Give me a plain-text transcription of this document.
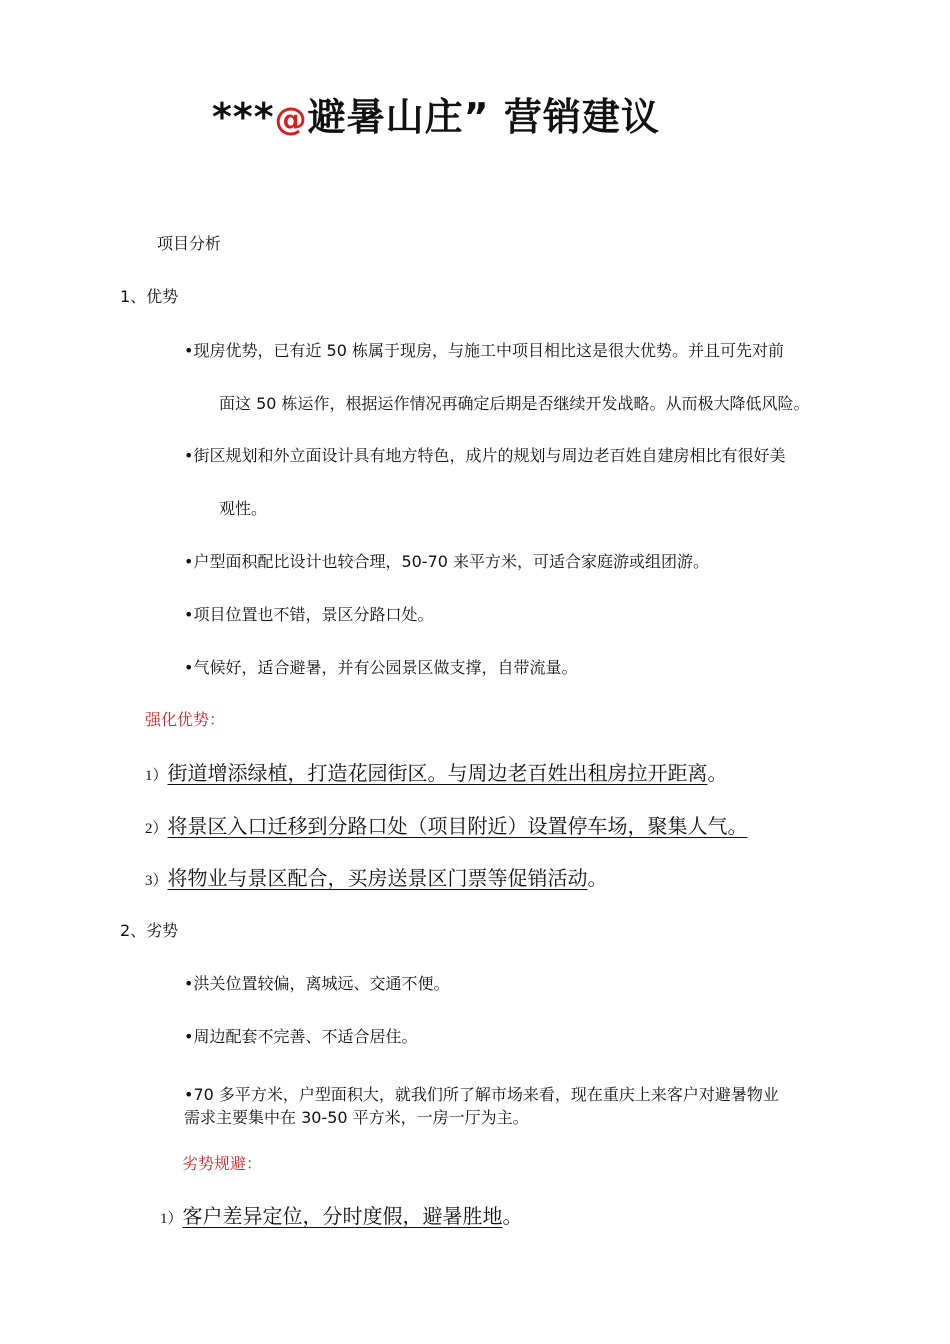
***@避暑山庄” 营销建议
项目分析
1、优势
•现房优势，已有近 50 栋属于现房，与施工中项目相比这是很大优势。并且可先对前
面这 50 栋运作，根据运作情况再确定后期是否继续开发战略。从而极大降低风险。
•街区规划和外立面设计具有地方特色，成片的规划与周边老百姓自建房相比有很好美
观性。
•户型面积配比设计也较合理，50-70 来平方米，可适合家庭游或组团游。
•项目位置也不错，景区分路口处。
•气候好，适合避暑，并有公园景区做支撑，自带流量。
强化优势：
1）街道增添绿植，打造花园街区。与周边老百姓出租房拉开距离。
2）将景区入口迁移到分路口处（项目附近）设置停车场，聚集人气。
3）将物业与景区配合，买房送景区门票等促销活动。
2、劣势
•洪关位置较偏，离城远、交通不便。
•周边配套不完善、不适合居住。
•70 多平方米，户型面积大，就我们所了解市场来看，现在重庆上来客户对避暑物业
需求主要集中在 30-50 平方米，一房一厅为主。
劣势规避：
1）客户差异定位，分时度假，避暑胜地。
